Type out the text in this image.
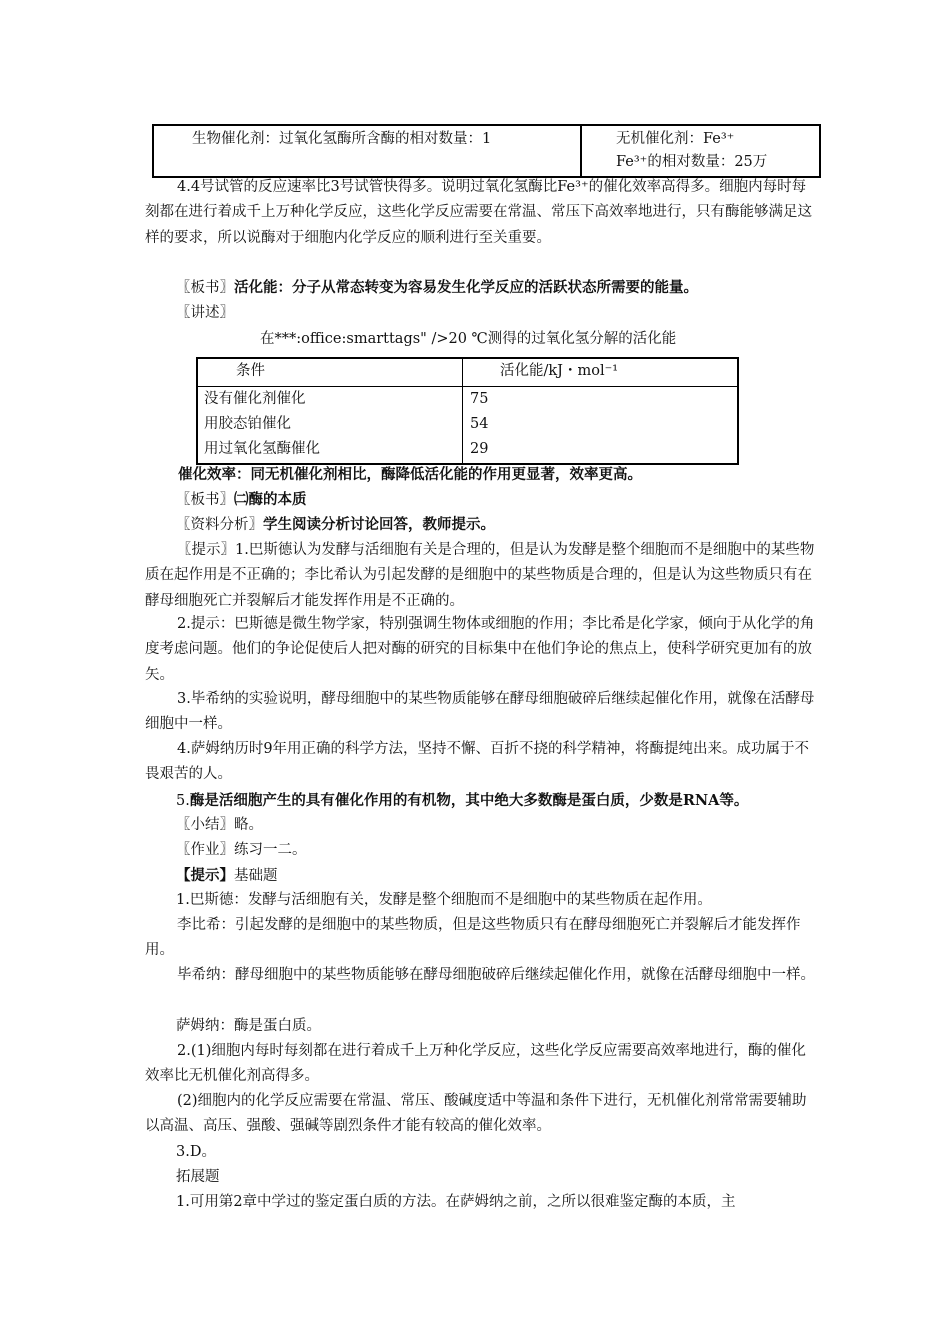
生物催化剂：过氧化氢酶所含酶的相对数量：1	无机催化剂：Fe³⁺
Fe³⁺的相对数量：25万
4.4号试管的反应速率比3号试管快得多。说明过氧化氢酶比Fe³⁺的催化效率高得多。细胞内每时每刻都在进行着成千上万种化学反应，这些化学反应需要在常温、常压下高效率地进行，只有酶能够满足这样的要求，所以说酶对于细胞内化学反应的顺利进行至关重要。
〖板书〗活化能：分子从常态转变为容易发生化学反应的活跃状态所需要的能量。
〖讲述〗
在***:office:smarttags" />20 ℃测得的过氧化氢分解的活化能
条件	活化能/kJ・mol⁻¹
没有催化剂催化	75
用胶态铂催化	54
用过氧化氢酶催化	29
催化效率：同无机催化剂相比，酶降低活化能的作用更显著，效率更高。
〖板书〗㈡酶的本质
〖资料分析〗学生阅读分析讨论回答，教师提示。
〖提示〗1.巴斯德认为发酵与活细胞有关是合理的，但是认为发酵是整个细胞而不是细胞中的某些物质在起作用是不正确的；李比希认为引起发酵的是细胞中的某些物质是合理的，但是认为这些物质只有在酵母细胞死亡并裂解后才能发挥作用是不正确的。
2.提示：巴斯德是微生物学家，特别强调生物体或细胞的作用；李比希是化学家，倾向于从化学的角度考虑问题。他们的争论促使后人把对酶的研究的目标集中在他们争论的焦点上，使科学研究更加有的放矢。
3.毕希纳的实验说明，酵母细胞中的某些物质能够在酵母细胞破碎后继续起催化作用，就像在活酵母细胞中一样。
4.萨姆纳历时9年用正确的科学方法，坚持不懈、百折不挠的科学精神，将酶提纯出来。成功属于不畏艰苦的人。
5.酶是活细胞产生的具有催化作用的有机物，其中绝大多数酶是蛋白质，少数是RNA等。
〖小结〗略。
〖作业〗练习一二。
【提示】基础题
1.巴斯德：发酵与活细胞有关，发酵是整个细胞而不是细胞中的某些物质在起作用。
李比希：引起发酵的是细胞中的某些物质，但是这些物质只有在酵母细胞死亡并裂解后才能发挥作用。
毕希纳：酵母细胞中的某些物质能够在酵母细胞破碎后继续起催化作用，就像在活酵母细胞中一样。
萨姆纳：酶是蛋白质。
2.(1)细胞内每时每刻都在进行着成千上万种化学反应，这些化学反应需要高效率地进行，酶的催化效率比无机催化剂高得多。
(2)细胞内的化学反应需要在常温、常压、酸碱度适中等温和条件下进行，无机催化剂常常需要辅助以高温、高压、强酸、强碱等剧烈条件才能有较高的催化效率。
3.D。
拓展题
1.可用第2章中学过的鉴定蛋白质的方法。在萨姆纳之前，之所以很难鉴定酶的本质，主
